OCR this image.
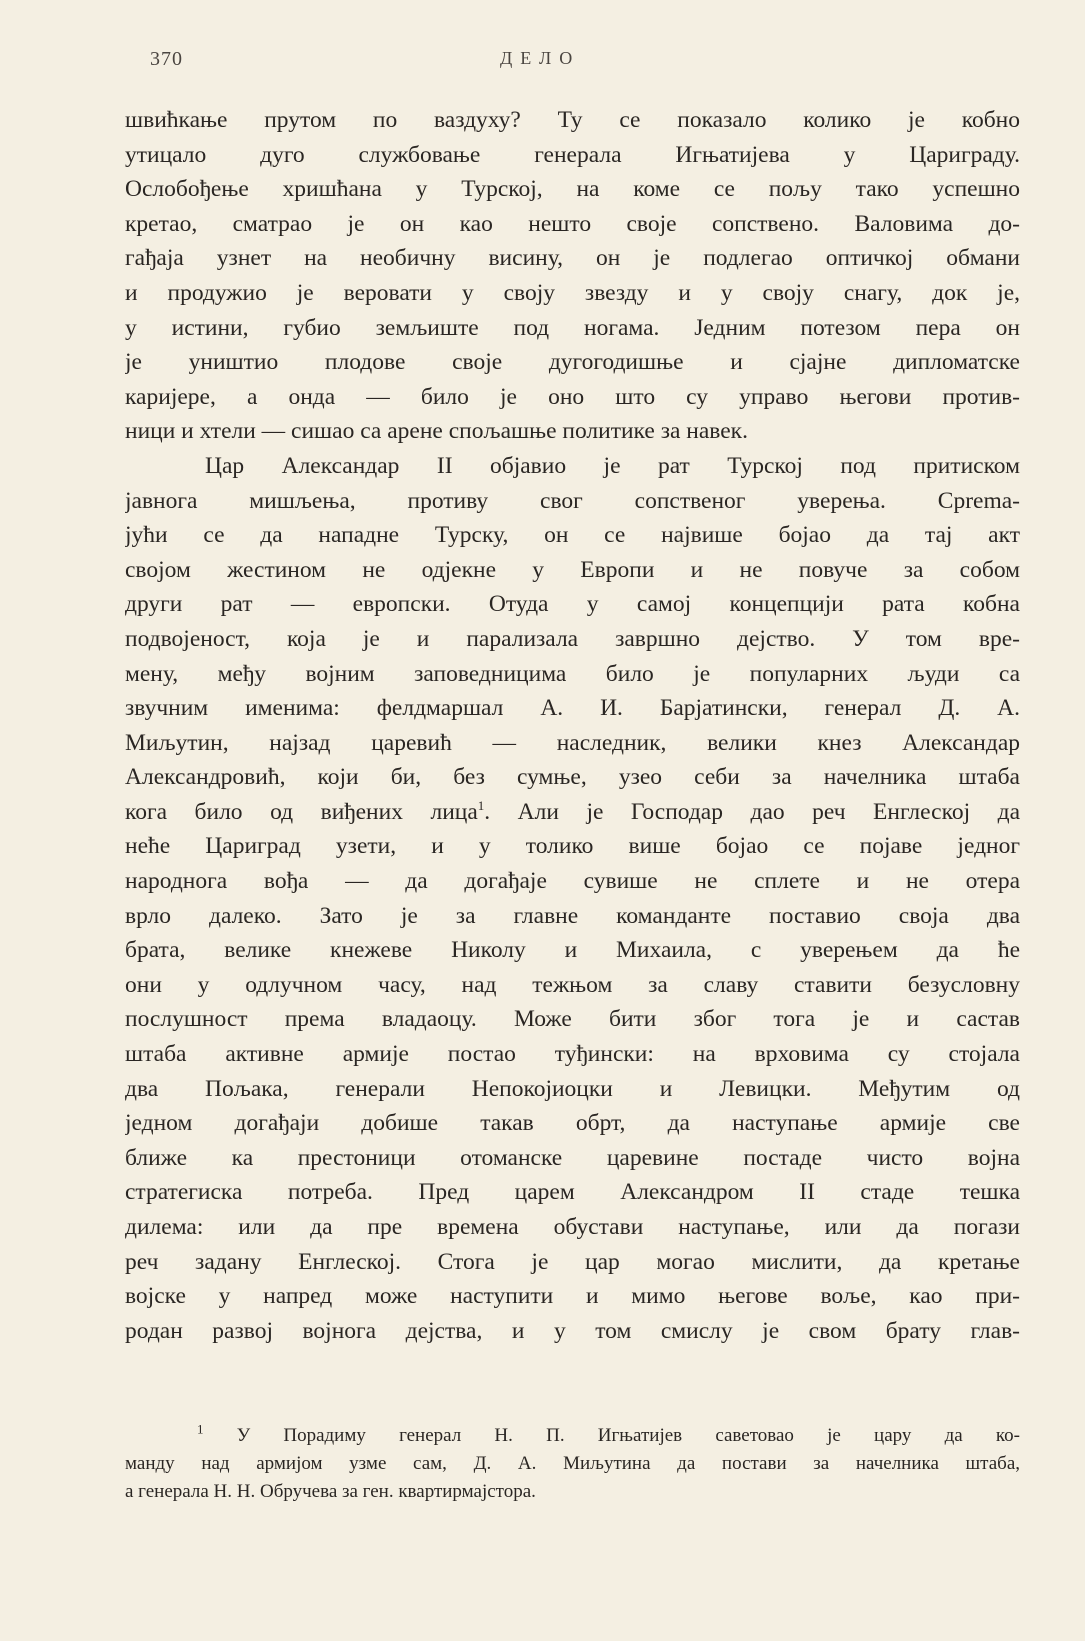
370	ДЕЛО
швићкање прутом по ваздуху? Ту се показало колико је кобно
утицало дуго службовање генерала Игњатијева у Цариграду.
Ослобођење хришћана у Турској, на коме се пољу тако успешно
кретао, сматрао је он као нешто своје сопствено. Валовима до-
гађаја узнет на необичну висину, он је подлегао оптичкој обмани
и продужио је веровати у своју звезду и у своју снагу, док је,
у истини, губио земљиште под ногама. Једним потезом пера он
је уништио плодове своје дугогодишње и сјајне дипломатске
каријере, а онда — било је оно што су управо његови против-
ници и хтели — сишао са арене спољашње политике за навек.
Цар Александар II објавио је рат Турској под притиском
јавнога мишљења, противу свог сопственог уверења. Сprema-
јући се да нападне Турску, он се највише бојао да тај акт
својом жестином не одјекне у Европи и не повуче за собом
други рат — европски. Отуда у самој концепцији рата кобна
подвојеност, која је и парализала завршно дејство. У том вре-
мену, међу војним заповедницима било је популарних људи са
звучним именима: фелдмаршал А. И. Барјатински, генерал Д. А.
Миљутин, најзад царевић — наследник, велики кнез Александар
Александровић, који би, без сумње, узео себи за начелника штаба
кога било од виђених лица$^1$. Али је Господар дао реч Енглеској да
неће Цариград узети, и у толико више бојао се појаве једног
народнога вођа — да догађаје сувише не сплете и не отера
врло далеко. Зато је за главне команданте поставио своја два
брата, велике кнежеве Николу и Михаила, с уверењем да ће
они у одлучном часу, над тежњом за славу ставити безусловну
послушност према владаоцу. Може бити због тога је и састав
штаба активне армије постао туђински: на врховима су стојала
два Пољака, генерали Непокојиоцки и Левицки. Међутим од
једном догађаји добише такав обрт, да наступање армије све
ближе ка престоници отоманске царевине постаде чисто војна
стратегиска потреба. Пред царем Александром II стаде тешка
дилема: или да пре времена обустави наступање, или да погази
реч задану Енглеској. Стога је цар могао мислити, да кретање
војске у напред може наступити и мимо његове воље, као при-
родан развој војнога дејства, и у том смислу је свом брату глав-
$^1$ У Порадиму генерал Н. П. Игњатијев саветовао је цару да ко-
манду над армијом узме сам, Д. А. Миљутина да постави за начелника штаба,
а генерала Н. Н. Обручева за ген. квартирмајстора.
